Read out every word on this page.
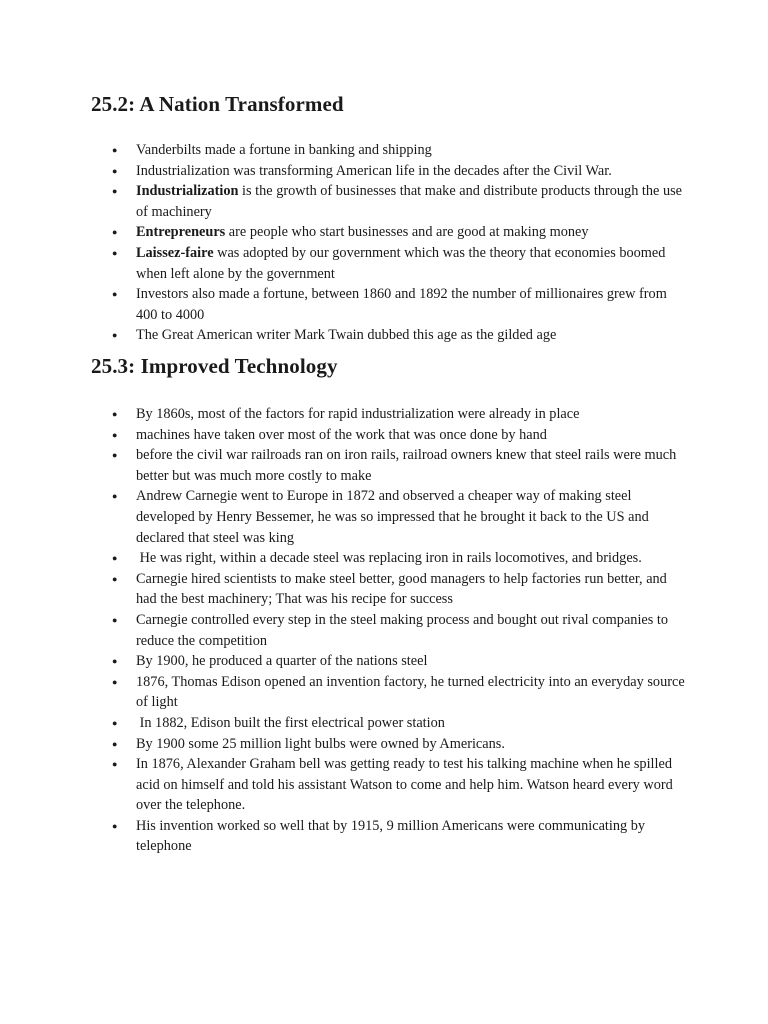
25.2: A Nation Transformed
● Vanderbilts made a fortune in banking and shipping
● Industrialization was transforming American life in the decades after the Civil War.
● Industrialization is the growth of businesses that make and distribute products through the use of machinery
● Entrepreneurs are people who start businesses and are good at making money
● Laissez-faire was adopted by our government which was the theory that economies boomed when left alone by the government
● Investors also made a fortune, between 1860 and 1892 the number of millionaires grew from 400 to 4000
● The Great American writer Mark Twain dubbed this age as the gilded age
25.3: Improved Technology
● By 1860s, most of the factors for rapid industrialization were already in place
● machines have taken over most of the work that was once done by hand
● before the civil war railroads ran on iron rails, railroad owners knew that steel rails were much better but was much more costly to make
● Andrew Carnegie went to Europe in 1872 and observed a cheaper way of making steel developed by Henry Bessemer, he was so impressed that he brought it back to the US and declared that steel was king
● He was right, within a decade steel was replacing iron in rails locomotives, and bridges.
● Carnegie hired scientists to make steel better, good managers to help factories run better, and had the best machinery; That was his recipe for success
● Carnegie controlled every step in the steel making process and bought out rival companies to reduce the competition
● By 1900, he produced a quarter of the nations steel
● 1876, Thomas Edison opened an invention factory, he turned electricity into an everyday source of light
● In 1882, Edison built the first electrical power station
● By 1900 some 25 million light bulbs were owned by Americans.
● In 1876, Alexander Graham bell was getting ready to test his talking machine when he spilled acid on himself and told his assistant Watson to come and help him. Watson heard every word over the telephone.
● His invention worked so well that by 1915, 9 million Americans were communicating by telephone
